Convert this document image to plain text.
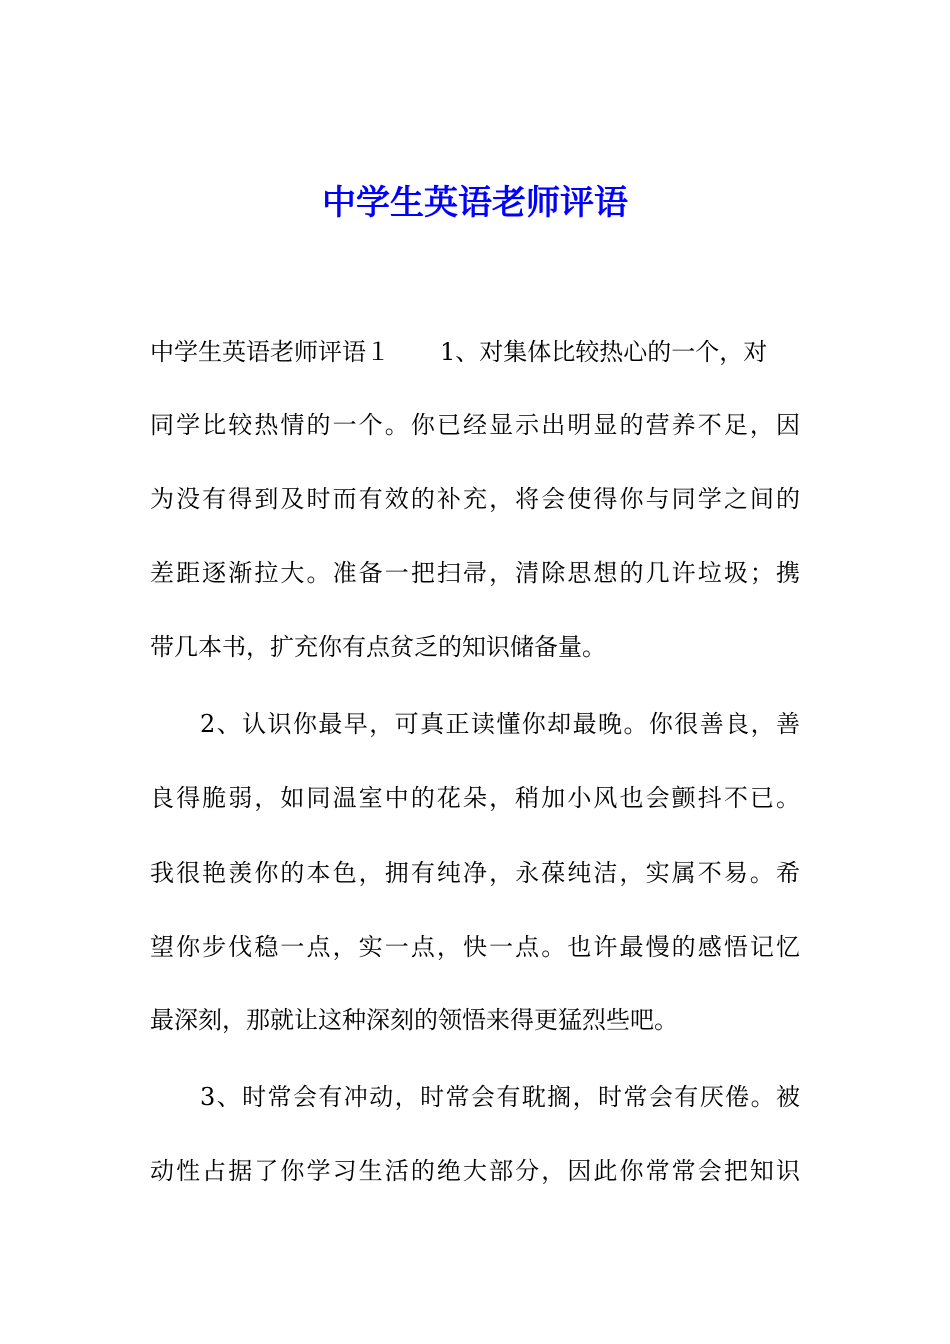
中学生英语老师评语

中学生英语老师评语１ 1、对集体比较热心的一个，对

同学比较热情的一个。你已经显示出明显的营养不足，因

为没有得到及时而有效的补充，将会使得你与同学之间的

差距逐渐拉大。准备一把扫帚，清除思想的几许垃圾；携

带几本书，扩充你有点贫乏的知识储备量。

2、认识你最早，可真正读懂你却最晚。你很善良，善

良得脆弱，如同温室中的花朵，稍加小风也会颤抖不已。

我很艳羡你的本色，拥有纯净，永葆纯洁，实属不易。希

望你步伐稳一点，实一点，快一点。也许最慢的感悟记忆

最深刻，那就让这种深刻的领悟来得更猛烈些吧。

3、时常会有冲动，时常会有耽搁，时常会有厌倦。被

动性占据了你学习生活的绝大部分，因此你常常会把知识
